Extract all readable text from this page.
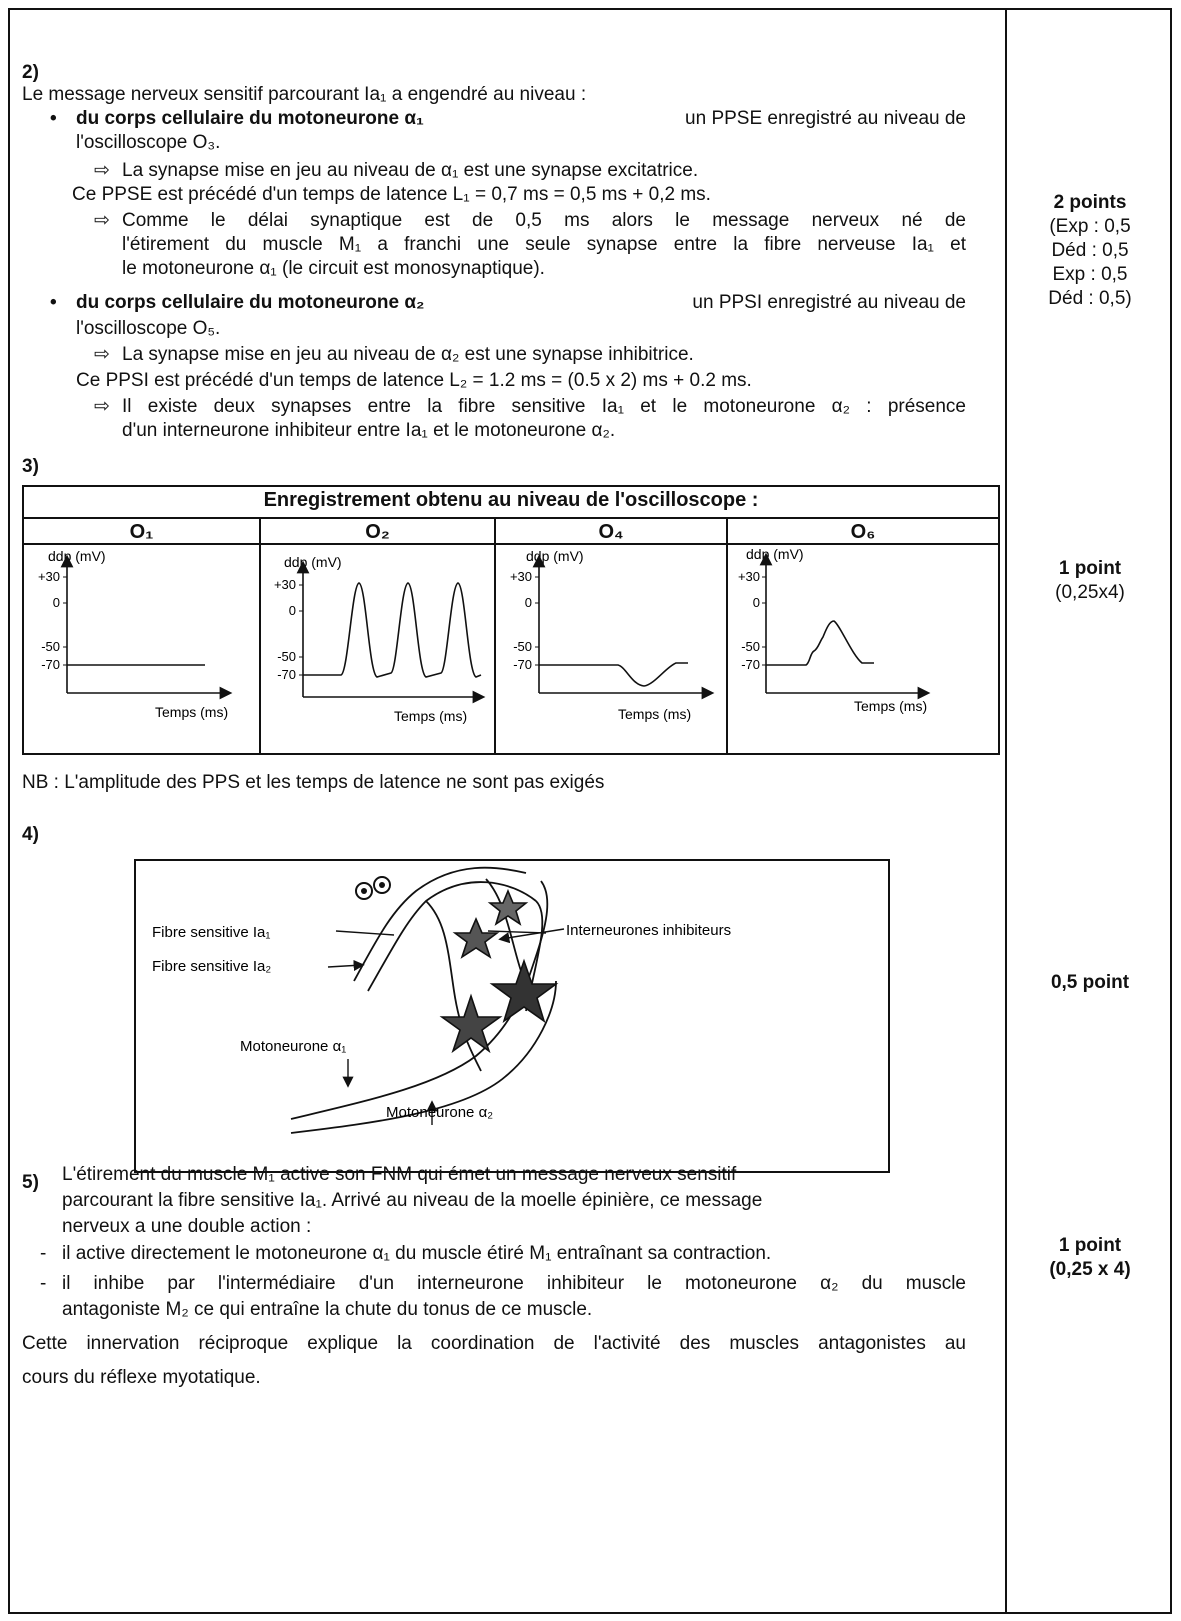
2)
Le message nerveux sensitif parcourant Ia₁ a engendré au niveau :
• du corps cellulaire du motoneurone α₁	un PPSE enregistré au niveau de
l'oscilloscope O₃.
⇨ La synapse mise en jeu au niveau de α₁ est une synapse excitatrice.
Ce PPSE est précédé d'un temps de latence L₁ = 0,7 ms = 0,5 ms + 0,2 ms.
⇨ Comme le délai synaptique est de 0,5 ms alors le message nerveux né de
l'étirement du muscle M₁ a franchi une seule synapse entre la fibre nerveuse Ia₁ et
le motoneurone α₁ (le circuit est monosynaptique).
• du corps cellulaire du motoneurone α₂	un PPSI enregistré au niveau de
l'oscilloscope O₅.
⇨ La synapse mise en jeu au niveau de α₂ est une synapse inhibitrice.
Ce PPSI est précédé d'un temps de latence L₂ = 1.2 ms = (0.5 x 2) ms + 0.2 ms.
⇨ Il existe deux synapses entre la fibre sensitive Ia₁ et le motoneurone α₂ : présence
d'un interneurone inhibiteur entre Ia₁ et le motoneurone α₂.
2 points
(Exp : 0,5
Déd : 0,5
Exp : 0,5
Déd : 0,5)
3)
Enregistrement obtenu au niveau de l'oscilloscope :
O₁	O₂	O₄	O₆
ddp (mV)
+30
0
-50
-70
Temps (ms)
ddp (mV)
+30
0
-50
-70
Temps (ms)
ddp (mV)
+30
0
-50
-70
Temps (ms)
ddp (mV)
+30
0
-50
-70
Temps (ms)
NB : L'amplitude des PPS et les temps de latence ne sont pas exigés
1 point
(0,25x4)
4)
Fibre sensitive Ia₁
Fibre sensitive Ia₂
Interneurones inhibiteurs
Motoneurone α₁
Motoneurone α₂
0,5 point
5) L'étirement du muscle M₁ active son FNM qui émet un message nerveux sensitif
parcourant la fibre sensitive Ia₁. Arrivé au niveau de la moelle épinière, ce message
nerveux a une double action :
- il active directement le motoneurone α₁ du muscle étiré M₁ entraînant sa contraction.
- il inhibe par l'intermédiaire d'un interneurone inhibiteur le motoneurone α₂ du muscle
antagoniste M₂ ce qui entraîne la chute du tonus de ce muscle.
Cette innervation réciproque explique la coordination de l'activité des muscles antagonistes au
cours du réflexe myotatique.
1 point
(0,25 x 4)
